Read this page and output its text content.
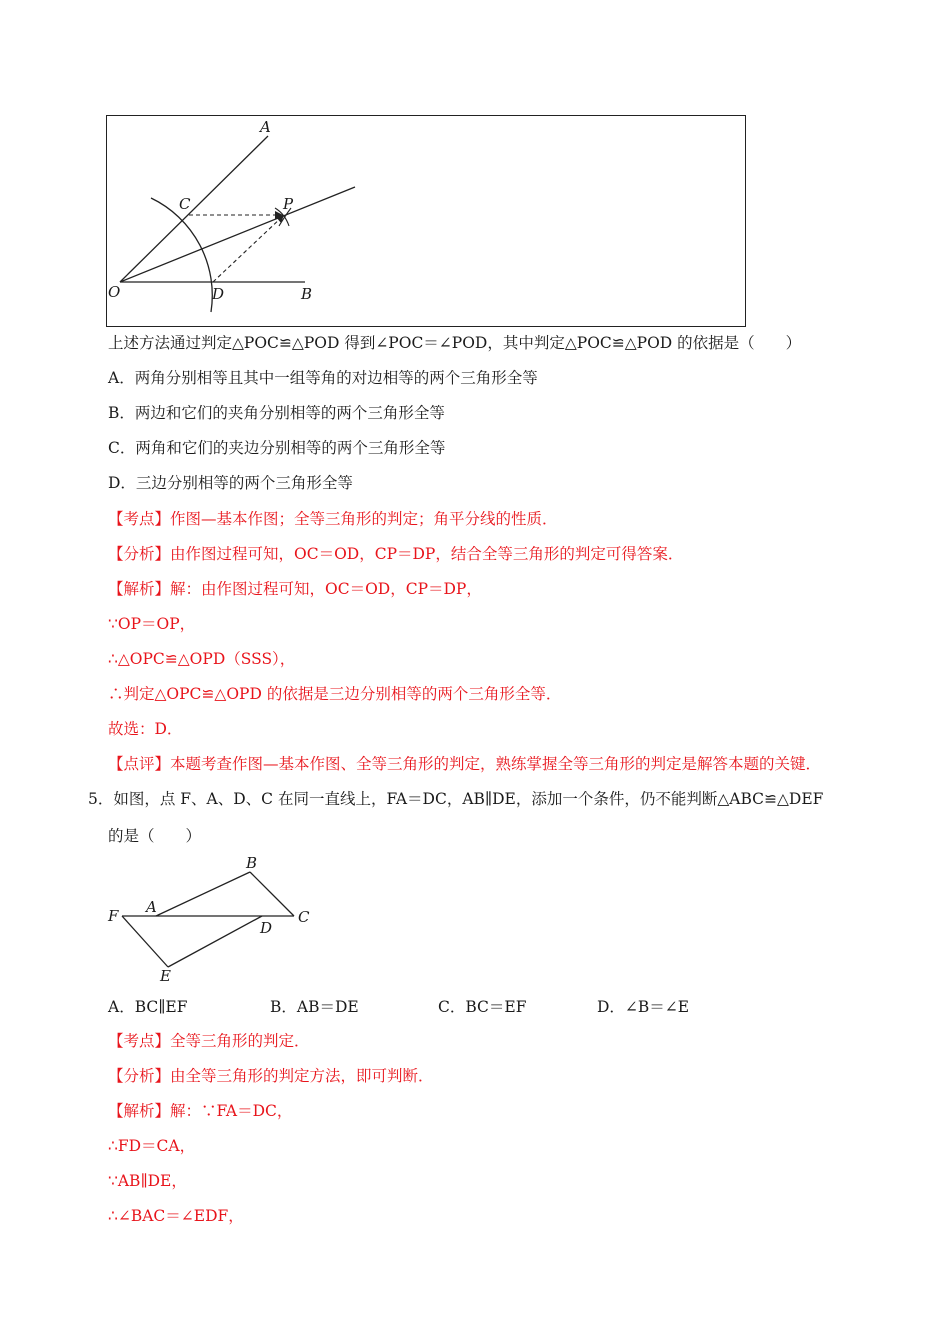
A
C	P
O	D	B
上述方法通过判定△POC≌△POD 得到∠POC＝∠POD，其中判定△POC≌△POD 的依据是（　　）
A．两角分别相等且其中一组等角的对边相等的两个三角形全等
B．两边和它们的夹角分别相等的两个三角形全等
C．两角和它们的夹边分别相等的两个三角形全等
D．三边分别相等的两个三角形全等
【考点】作图—基本作图；全等三角形的判定；角平分线的性质．
【分析】由作图过程可知，OC＝OD，CP＝DP，结合全等三角形的判定可得答案．
【解析】解：由作图过程可知，OC＝OD，CP＝DP，
∵OP＝OP，
∴△OPC≌△OPD（SSS），
∴判定△OPC≌△OPD 的依据是三边分别相等的两个三角形全等．
故选：D．
【点评】本题考查作图—基本作图、全等三角形的判定，熟练掌握全等三角形的判定是解答本题的关键．
5．如图，点 F、A、D、C 在同一直线上，FA＝DC，AB∥DE，添加一个条件，仍不能判断△ABC≌△DEF
的是（　　）
B
F A
D
C
E
A．BC∥EF	B．AB＝DE	C．BC＝EF	D．∠B＝∠E
【考点】全等三角形的判定．
【分析】由全等三角形的判定方法，即可判断．
【解析】解：∵FA＝DC，
∴FD＝CA，
∵AB∥DE，
∴∠BAC＝∠EDF，
